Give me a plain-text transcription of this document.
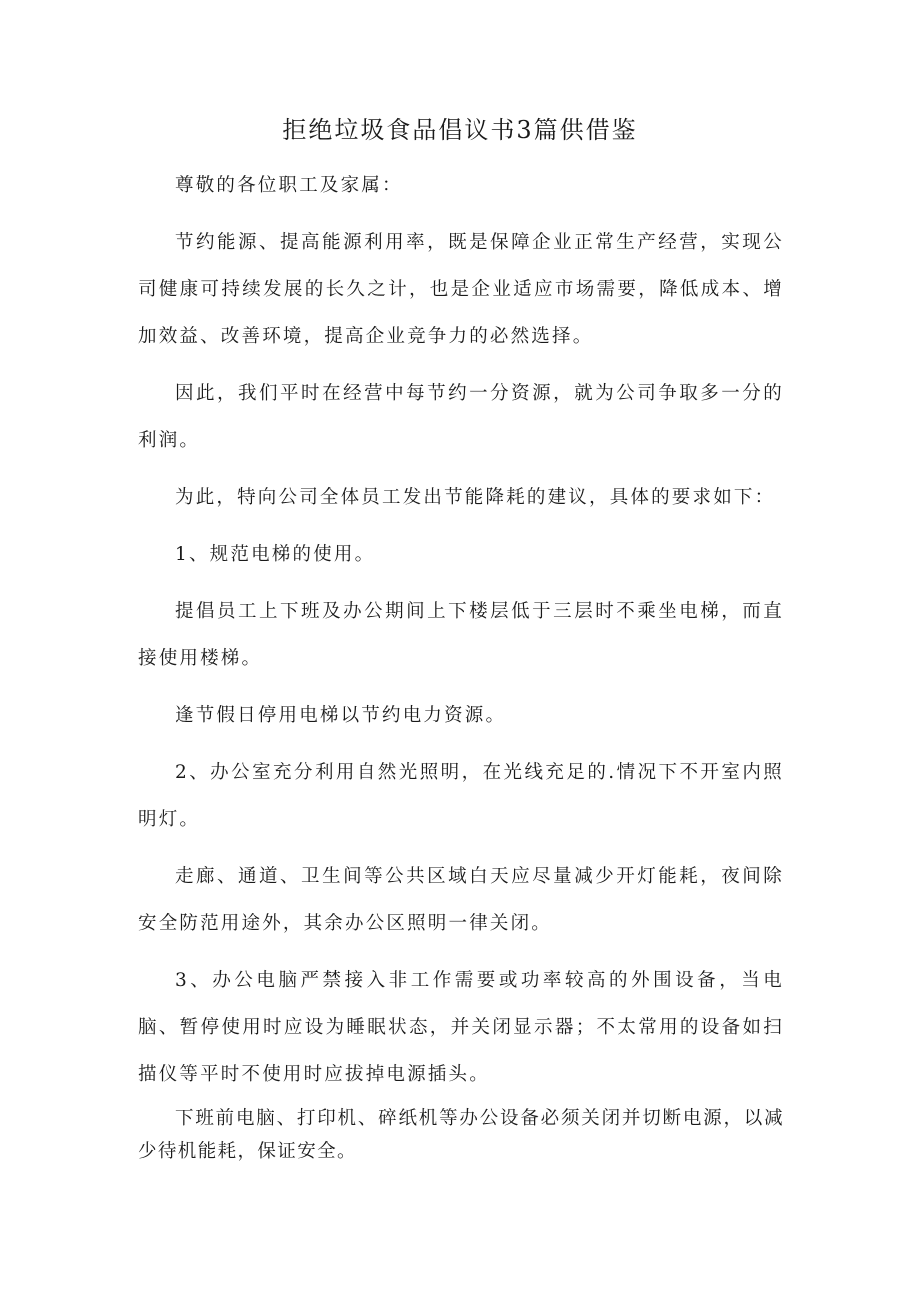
拒绝垃圾食品倡议书3篇供借鉴

尊敬的各位职工及家属：

节约能源、提高能源利用率，既是保障企业正常生产经营，实现公司健康可持续发展的长久之计，也是企业适应市场需要，降低成本、增加效益、改善环境，提高企业竞争力的必然选择。

因此，我们平时在经营中每节约一分资源，就为公司争取多一分的利润。

为此，特向公司全体员工发出节能降耗的建议，具体的要求如下：

1、规范电梯的使用。

提倡员工上下班及办公期间上下楼层低于三层时不乘坐电梯，而直接使用楼梯。

逢节假日停用电梯以节约电力资源。

2、办公室充分利用自然光照明，在光线充足的.情况下不开室内照明灯。

走廊、通道、卫生间等公共区域白天应尽量减少开灯能耗，夜间除安全防范用途外，其余办公区照明一律关闭。

3、办公电脑严禁接入非工作需要或功率较高的外围设备，当电脑、暂停使用时应设为睡眠状态，并关闭显示器；不太常用的设备如扫描仪等平时不使用时应拔掉电源插头。

下班前电脑、打印机、碎纸机等办公设备必须关闭并切断电源，以减少待机能耗，保证安全。
